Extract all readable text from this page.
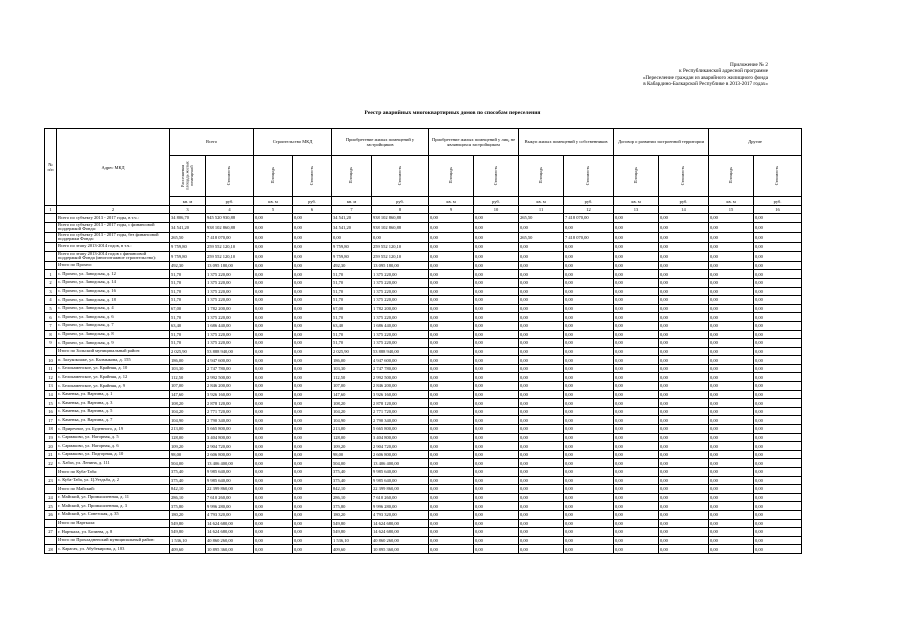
Приложение № 2
к Республиканской адресной программе
«Переселение граждан из аварийного жилищного фонда
в Кабардино-Балкарской Республике в 2013-2017 годах»
Реестр аварийных многоквартирных домов по способам переселения
№ п/п	Адрес МКД	Всего		Строительство МКД		Приобретение жилых помещений у застройщиков		Приобретение жилых помещений у лиц, не являющихся застройщиком		Выкуп жилых помещений у собственников		Договор о развитии застроенной территории		Другие	
		Расселяемая площадь жилых помещений	Стоимость	Площадь	Стоимость	Площадь	Стоимость	Площадь	Стоимость	Площадь	Стоимость	Площадь	Стоимость	Площадь	Стоимость
		кв. м	руб.	кв. м	руб.	кв. м	руб.	кв. м	руб.	кв. м	руб.	кв. м	руб.	кв. м	руб.
1	2	3	4	5	6	7	8	9	10	11	12	13	14	15	16
	Всего по субъекту 2013 - 2017 годы, в т.ч.:	34 806,70	945 520 930,88	0,00	0,00	34 541,20	938 102 860,88	0,00	0,00	265,50	7 418 070,00	0,00	0,00	0,00	0,00
	Всего по субъекту 2013 - 2017 годы, с финансовой поддержкой Фонда:	34 541,20	938 102 860,88	0,00	0,00	34 541,20	938 102 860,88	0,00	0,00	0,00	0,00	0,00	0,00	0,00	0,00
	Всего по субъекту 2013 - 2017 годы, без финансовой поддержки Фонда:	265,50	7 418 070,00	0,00	0,00	0,00	0,00	0,00	0,00	265,50	7 418 070,00	0,00	0,00	0,00	0,00
	Всего по этапу 2013-2014 годов, в т.ч.:	9 759,80	259 552 120,10	0,00	0,00	9 759,80	259 552 120,10	0,00	0,00	0,00	0,00	0,00	0,00	0,00	0,00
	Всего по этапу 2013-2014 годов с финансовой поддержкой Фонда (многоэтажное строительство):	9 759,80	259 552 120,10	0,00	0,00	9 759,80	259 552 120,10	0,00	0,00	0,00	0,00	0,00	0,00	0,00	0,00
	Итого по Прохно:	492,30	13 095 180,00	0,00	0,00	492,30	13 095 180,00	0,00	0,00	0,00	0,00	0,00	0,00	0,00	0,00
1	с. Прохно, ул. Заводская, д. 12	51,70	1 375 220,00	0,00	0,00	51,70	1 375 220,00	0,00	0,00	0,00	0,00	0,00	0,00	0,00	0,00
2	с. Прохно, ул. Заводская, д. 14	51,70	1 375 220,00	0,00	0,00	51,70	1 375 220,00	0,00	0,00	0,00	0,00	0,00	0,00	0,00	0,00
3	с. Прохно, ул. Заводская, д. 16	51,70	1 375 220,00	0,00	0,00	51,70	1 375 220,00	0,00	0,00	0,00	0,00	0,00	0,00	0,00	0,00
4	с. Прохно, ул. Заводская, д. 18	51,70	1 375 220,00	0,00	0,00	51,70	1 375 220,00	0,00	0,00	0,00	0,00	0,00	0,00	0,00	0,00
5	с. Прохно, ул. Заводская, д. 4	67,00	1 782 200,00	0,00	0,00	67,00	1 782 200,00	0,00	0,00	0,00	0,00	0,00	0,00	0,00	0,00
6	с. Прохно, ул. Заводская, д. 6	51,70	1 375 220,00	0,00	0,00	51,70	1 375 220,00	0,00	0,00	0,00	0,00	0,00	0,00	0,00	0,00
7	с. Прохно, ул. Заводская, д. 7	63,40	1 686 440,00	0,00	0,00	63,40	1 686 440,00	0,00	0,00	0,00	0,00	0,00	0,00	0,00	0,00
8	с. Прохно, ул. Заводская, д. 8	51,70	1 375 220,00	0,00	0,00	51,70	1 375 220,00	0,00	0,00	0,00	0,00	0,00	0,00	0,00	0,00
9	с. Прохно, ул. Заводская, д. 9	51,70	1 375 220,00	0,00	0,00	51,70	1 375 220,00	0,00	0,00	0,00	0,00	0,00	0,00	0,00	0,00
	Итого по Зольский муниципальный район:	2 025,90	53 888 940,00	0,00	0,00	2 025,90	53 888 940,00	0,00	0,00	0,00	0,00	0,00	0,00	0,00	0,00
10	п. Залукокоаже, ул. Калмыкова, д. 155	186,00	4 947 600,00	0,00	0,00	186,00	4 947 600,00	0,00	0,00	0,00	0,00	0,00	0,00	0,00	0,00
11	с. Белокаменское, ул. Крайняя, д. 10	103,30	2 747 780,00	0,00	0,00	103,30	2 747 780,00	0,00	0,00	0,00	0,00	0,00	0,00	0,00	0,00
12	с. Белокаменское, ул. Крайняя, д. 12	112,50	2 992 500,00	0,00	0,00	112,50	2 992 500,00	0,00	0,00	0,00	0,00	0,00	0,00	0,00	0,00
13	с. Белокаменское, ул. Крайняя, д. 9	107,00	2 846 200,00	0,00	0,00	107,00	2 846 200,00	0,00	0,00	0,00	0,00	0,00	0,00	0,00	0,00
14	с. Каменка, ул. Вартина, д. 1	147,60	3 926 160,00	0,00	0,00	147,60	3 926 160,00	0,00	0,00	0,00	0,00	0,00	0,00	0,00	0,00
15	с. Каменка, ул. Вартина, д. 3	108,20	2 878 120,00	0,00	0,00	108,20	2 878 120,00	0,00	0,00	0,00	0,00	0,00	0,00	0,00	0,00
16	с. Каменка, ул. Вартина, д. 5	104,20	2 771 720,00	0,00	0,00	104,20	2 771 720,00	0,00	0,00	0,00	0,00	0,00	0,00	0,00	0,00
17	с. Каменка, ул. Вартина, д. 7	104,90	2 790 340,00	0,00	0,00	104,90	2 790 340,00	0,00	0,00	0,00	0,00	0,00	0,00	0,00	0,00
18	с. Приречное, ул. Буденного, д. 19	213,00	5 665 800,00	0,00	0,00	213,00	5 665 800,00	0,00	0,00	0,00	0,00	0,00	0,00	0,00	0,00
19	с. Сармаково, ул. Нагорная, д. 5	128,00	3 404 800,00	0,00	0,00	128,00	3 404 800,00	0,00	0,00	0,00	0,00	0,00	0,00	0,00	0,00
20	с. Сармаково, ул. Нагорная, д. 6	109,20	2 904 720,00	0,00	0,00	109,20	2 904 720,00	0,00	0,00	0,00	0,00	0,00	0,00	0,00	0,00
21	с. Сармаково, ул. Подгорная, д. 10	98,00	2 606 800,00	0,00	0,00	98,00	2 606 800,00	0,00	0,00	0,00	0,00	0,00	0,00	0,00	0,00
22	с. Хабаз, ул. Ленина, д. 111	504,00	13 406 400,00	0,00	0,00	504,00	13 406 400,00	0,00	0,00	0,00	0,00	0,00	0,00	0,00	0,00
	Итого по Куба-Таба:	375,40	9 985 640,00	0,00	0,00	375,40	9 985 640,00	0,00	0,00	0,00	0,00	0,00	0,00	0,00	0,00
23	с. Куба-Таба, ул. Ц.Уездьба, д. 2	375,40	9 985 640,00	0,00	0,00	375,40	9 985 640,00	0,00	0,00	0,00	0,00	0,00	0,00	0,00	0,00
	Итого по Майский:	842,10	22 399 860,00	0,00	0,00	842,10	22 399 860,00	0,00	0,00	0,00	0,00	0,00	0,00	0,00	0,00
24	г. Майский, ул. Промышленная, д. 11	286,10	7 610 260,00	0,00	0,00	286,10	7 610 260,00	0,00	0,00	0,00	0,00	0,00	0,00	0,00	0,00
25	г. Майский, ул. Промышленная, д. 3	375,80	9 996 280,00	0,00	0,00	375,80	9 996 280,00	0,00	0,00	0,00	0,00	0,00	0,00	0,00	0,00
26	г. Майский, ул. Советская, д. 35	180,20	4 793 320,00	0,00	0,00	180,20	4 793 320,00	0,00	0,00	0,00	0,00	0,00	0,00	0,00	0,00
	Итого по Нарткала:	549,80	14 624 680,00	0,00	0,00	549,80	14 624 680,00	0,00	0,00	0,00	0,00	0,00	0,00	0,00	0,00
27	г. Нарткала, ул. Бозиева, д. 8	549,80	14 624 680,00	0,00	0,00	549,80	14 624 680,00	0,00	0,00	0,00	0,00	0,00	0,00	0,00	0,00
	Итого по Прохладненский муниципальный район:	1 536,10	40 860 260,00	0,00	0,00	1 536,10	40 860 260,00	0,00	0,00	0,00	0,00	0,00	0,00	0,00	0,00
28	с. Карагач, ул. Абубекирова, д. 103	409,60	10 895 360,00	0,00	0,00	409,60	10 895 360,00	0,00	0,00	0,00	0,00	0,00	0,00	0,00	0,00
